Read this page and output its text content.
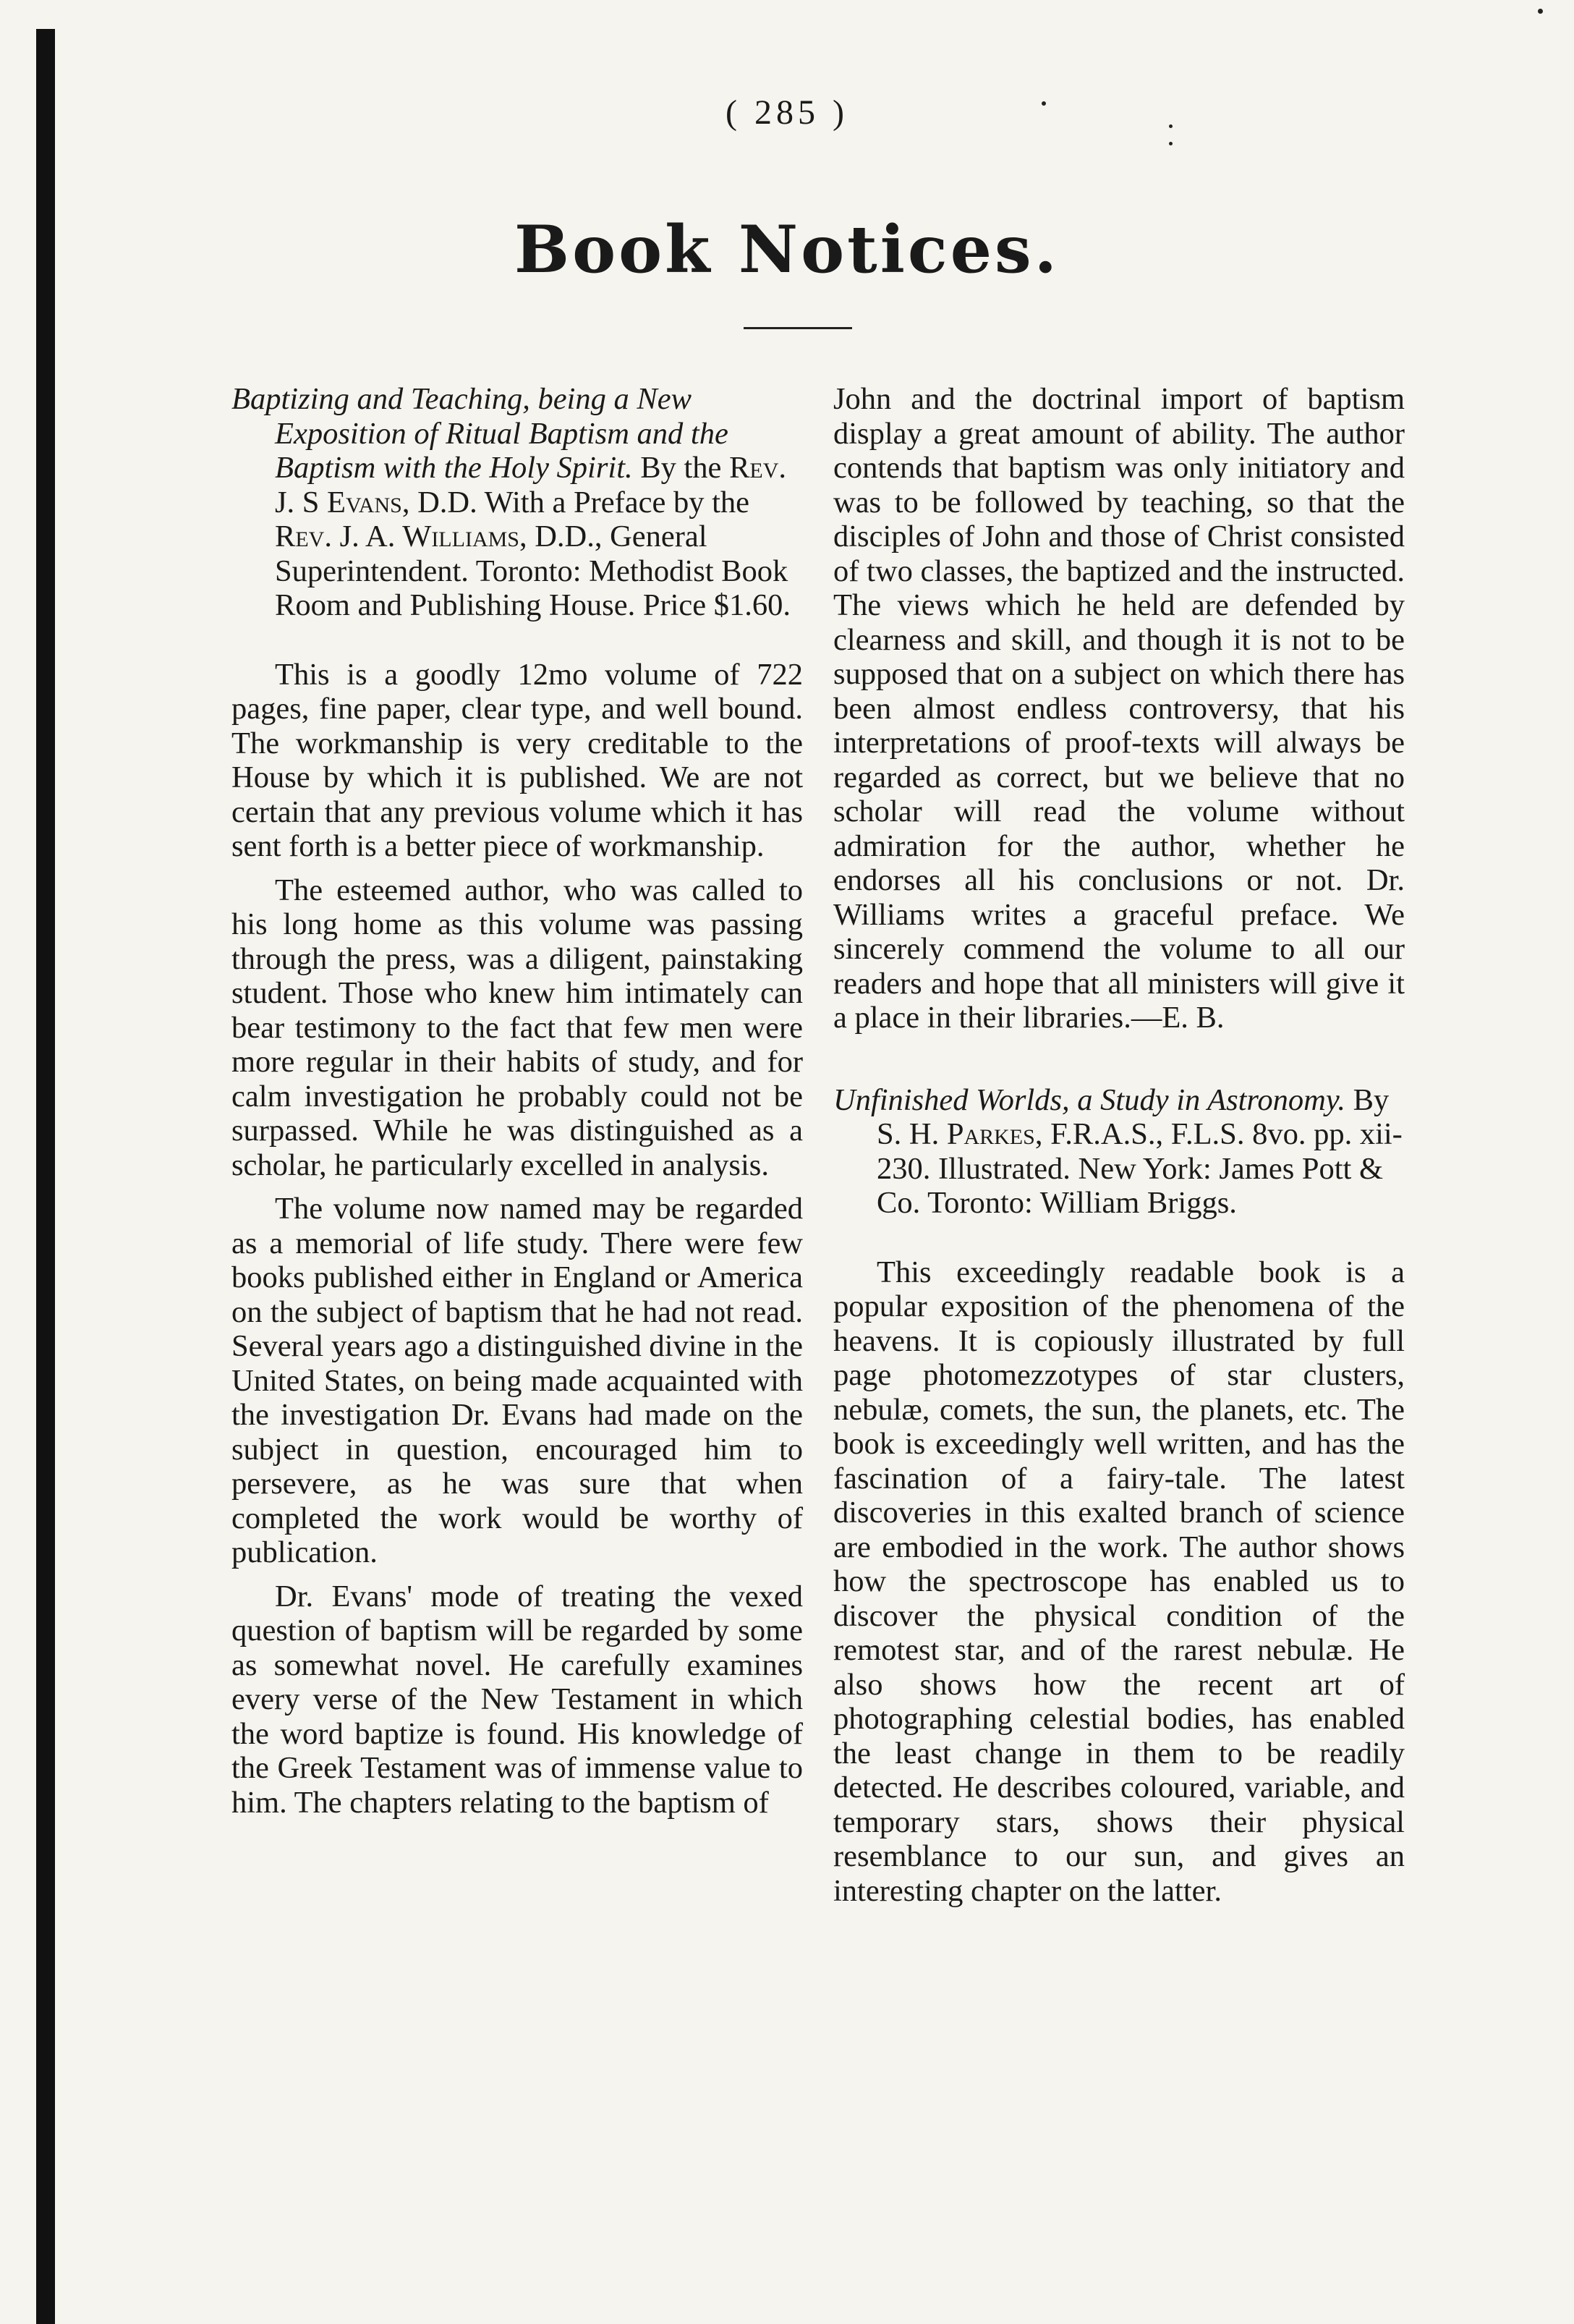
( 285 )
Book Notices.

Baptizing and Teaching, being a New Exposition of Ritual Baptism and the Baptism with the Holy Spirit. By the Rev. J. S Evans, D.D. With a Preface by the Rev. J. A. Williams, D.D., General Superintendent. Toronto: Methodist Book Room and Publishing House. Price $1.60.

This is a goodly 12mo volume of 722 pages, fine paper, clear type, and well bound. The workmanship is very creditable to the House by which it is published. We are not certain that any previous volume which it has sent forth is a better piece of workmanship.

The esteemed author, who was called to his long home as this volume was passing through the press, was a diligent, painstaking student. Those who knew him intimately can bear testimony to the fact that few men were more regular in their habits of study, and for calm investigation he probably could not be surpassed. While he was distinguished as a scholar, he particularly excelled in analysis.

The volume now named may be regarded as a memorial of life study. There were few books published either in England or America on the subject of baptism that he had not read. Several years ago a distinguished divine in the United States, on being made acquainted with the investigation Dr. Evans had made on the subject in question, encouraged him to persevere, as he was sure that when completed the work would be worthy of publication.

Dr. Evans' mode of treating the vexed question of baptism will be regarded by some as somewhat novel. He carefully examines every verse of the New Testament in which the word baptize is found. His knowledge of the Greek Testament was of immense value to him. The chapters relating to the baptism of

John and the doctrinal import of baptism display a great amount of ability. The author contends that baptism was only initiatory and was to be followed by teaching, so that the disciples of John and those of Christ consisted of two classes, the baptized and the instructed. The views which he held are defended by clearness and skill, and though it is not to be supposed that on a subject on which there has been almost endless controversy, that his interpretations of proof-texts will always be regarded as correct, but we believe that no scholar will read the volume without admiration for the author, whether he endorses all his conclusions or not. Dr. Williams writes a graceful preface. We sincerely commend the volume to all our readers and hope that all ministers will give it a place in their libraries.—E. B.

Unfinished Worlds, a Study in Astronomy. By S. H. Parkes, F.R.A.S., F.L.S. 8vo. pp. xii-230. Illustrated. New York: James Pott & Co. Toronto: William Briggs.

This exceedingly readable book is a popular exposition of the phenomena of the heavens. It is copiously illustrated by full page photomezzotypes of star clusters, nebulæ, comets, the sun, the planets, etc. The book is exceedingly well written, and has the fascination of a fairy-tale. The latest discoveries in this exalted branch of science are embodied in the work. The author shows how the spectroscope has enabled us to discover the physical condition of the remotest star, and of the rarest nebulæ. He also shows how the recent art of photographing celestial bodies, has enabled the least change in them to be readily detected. He describes coloured, variable, and temporary stars, shows their physical resemblance to our sun, and gives an interesting chapter on the latter.
